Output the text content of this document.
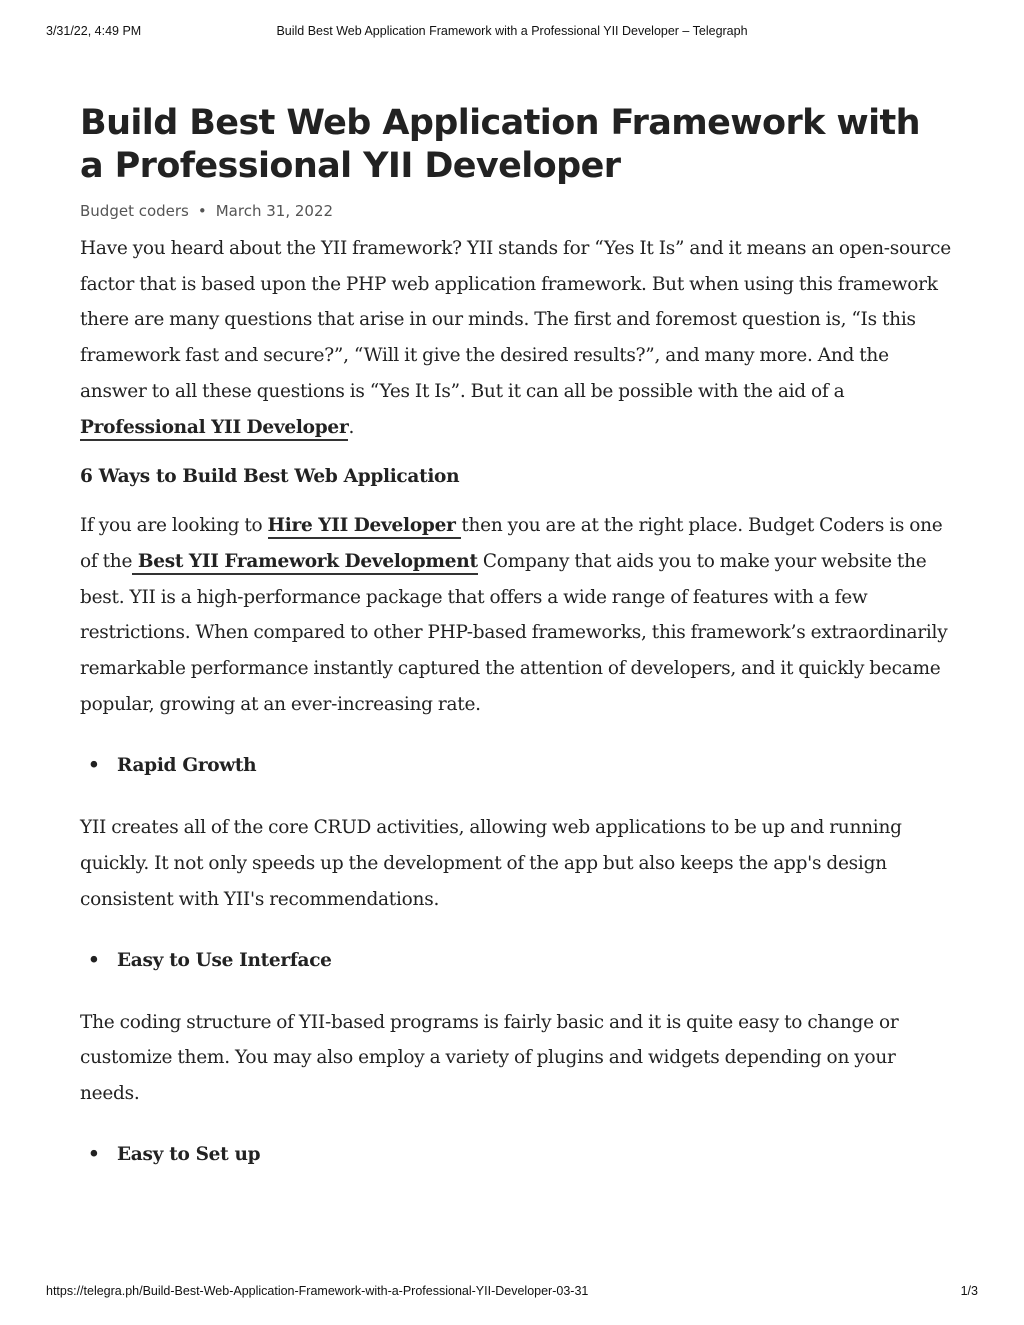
3/31/22, 4:49 PM	Build Best Web Application Framework with a Professional YII Developer – Telegraph
Build Best Web Application Framework with a Professional YII Developer
Budget coders • March 31, 2022

Have you heard about the YII framework? YII stands for “Yes It Is” and it means an open-source factor that is based upon the PHP web application framework. But when using this framework there are many questions that arise in our minds. The first and foremost question is, “Is this framework fast and secure?”, “Will it give the desired results?”, and many more. And the answer to all these questions is “Yes It Is”. But it can all be possible with the aid of a Professional YII Developer.

6 Ways to Build Best Web Application

If you are looking to Hire YII Developer then you are at the right place. Budget Coders is one of the Best YII Framework Development Company that aids you to make your website the best. YII is a high-performance package that offers a wide range of features with a few restrictions. When compared to other PHP-based frameworks, this framework’s extraordinarily remarkable performance instantly captured the attention of developers, and it quickly became popular, growing at an ever-increasing rate.

• Rapid Growth

YII creates all of the core CRUD activities, allowing web applications to be up and running quickly. It not only speeds up the development of the app but also keeps the app's design consistent with YII's recommendations.

• Easy to Use Interface

The coding structure of YII-based programs is fairly basic and it is quite easy to change or customize them. You may also employ a variety of plugins and widgets depending on your needs.

• Easy to Set up
https://telegra.ph/Build-Best-Web-Application-Framework-with-a-Professional-YII-Developer-03-31	1/3
